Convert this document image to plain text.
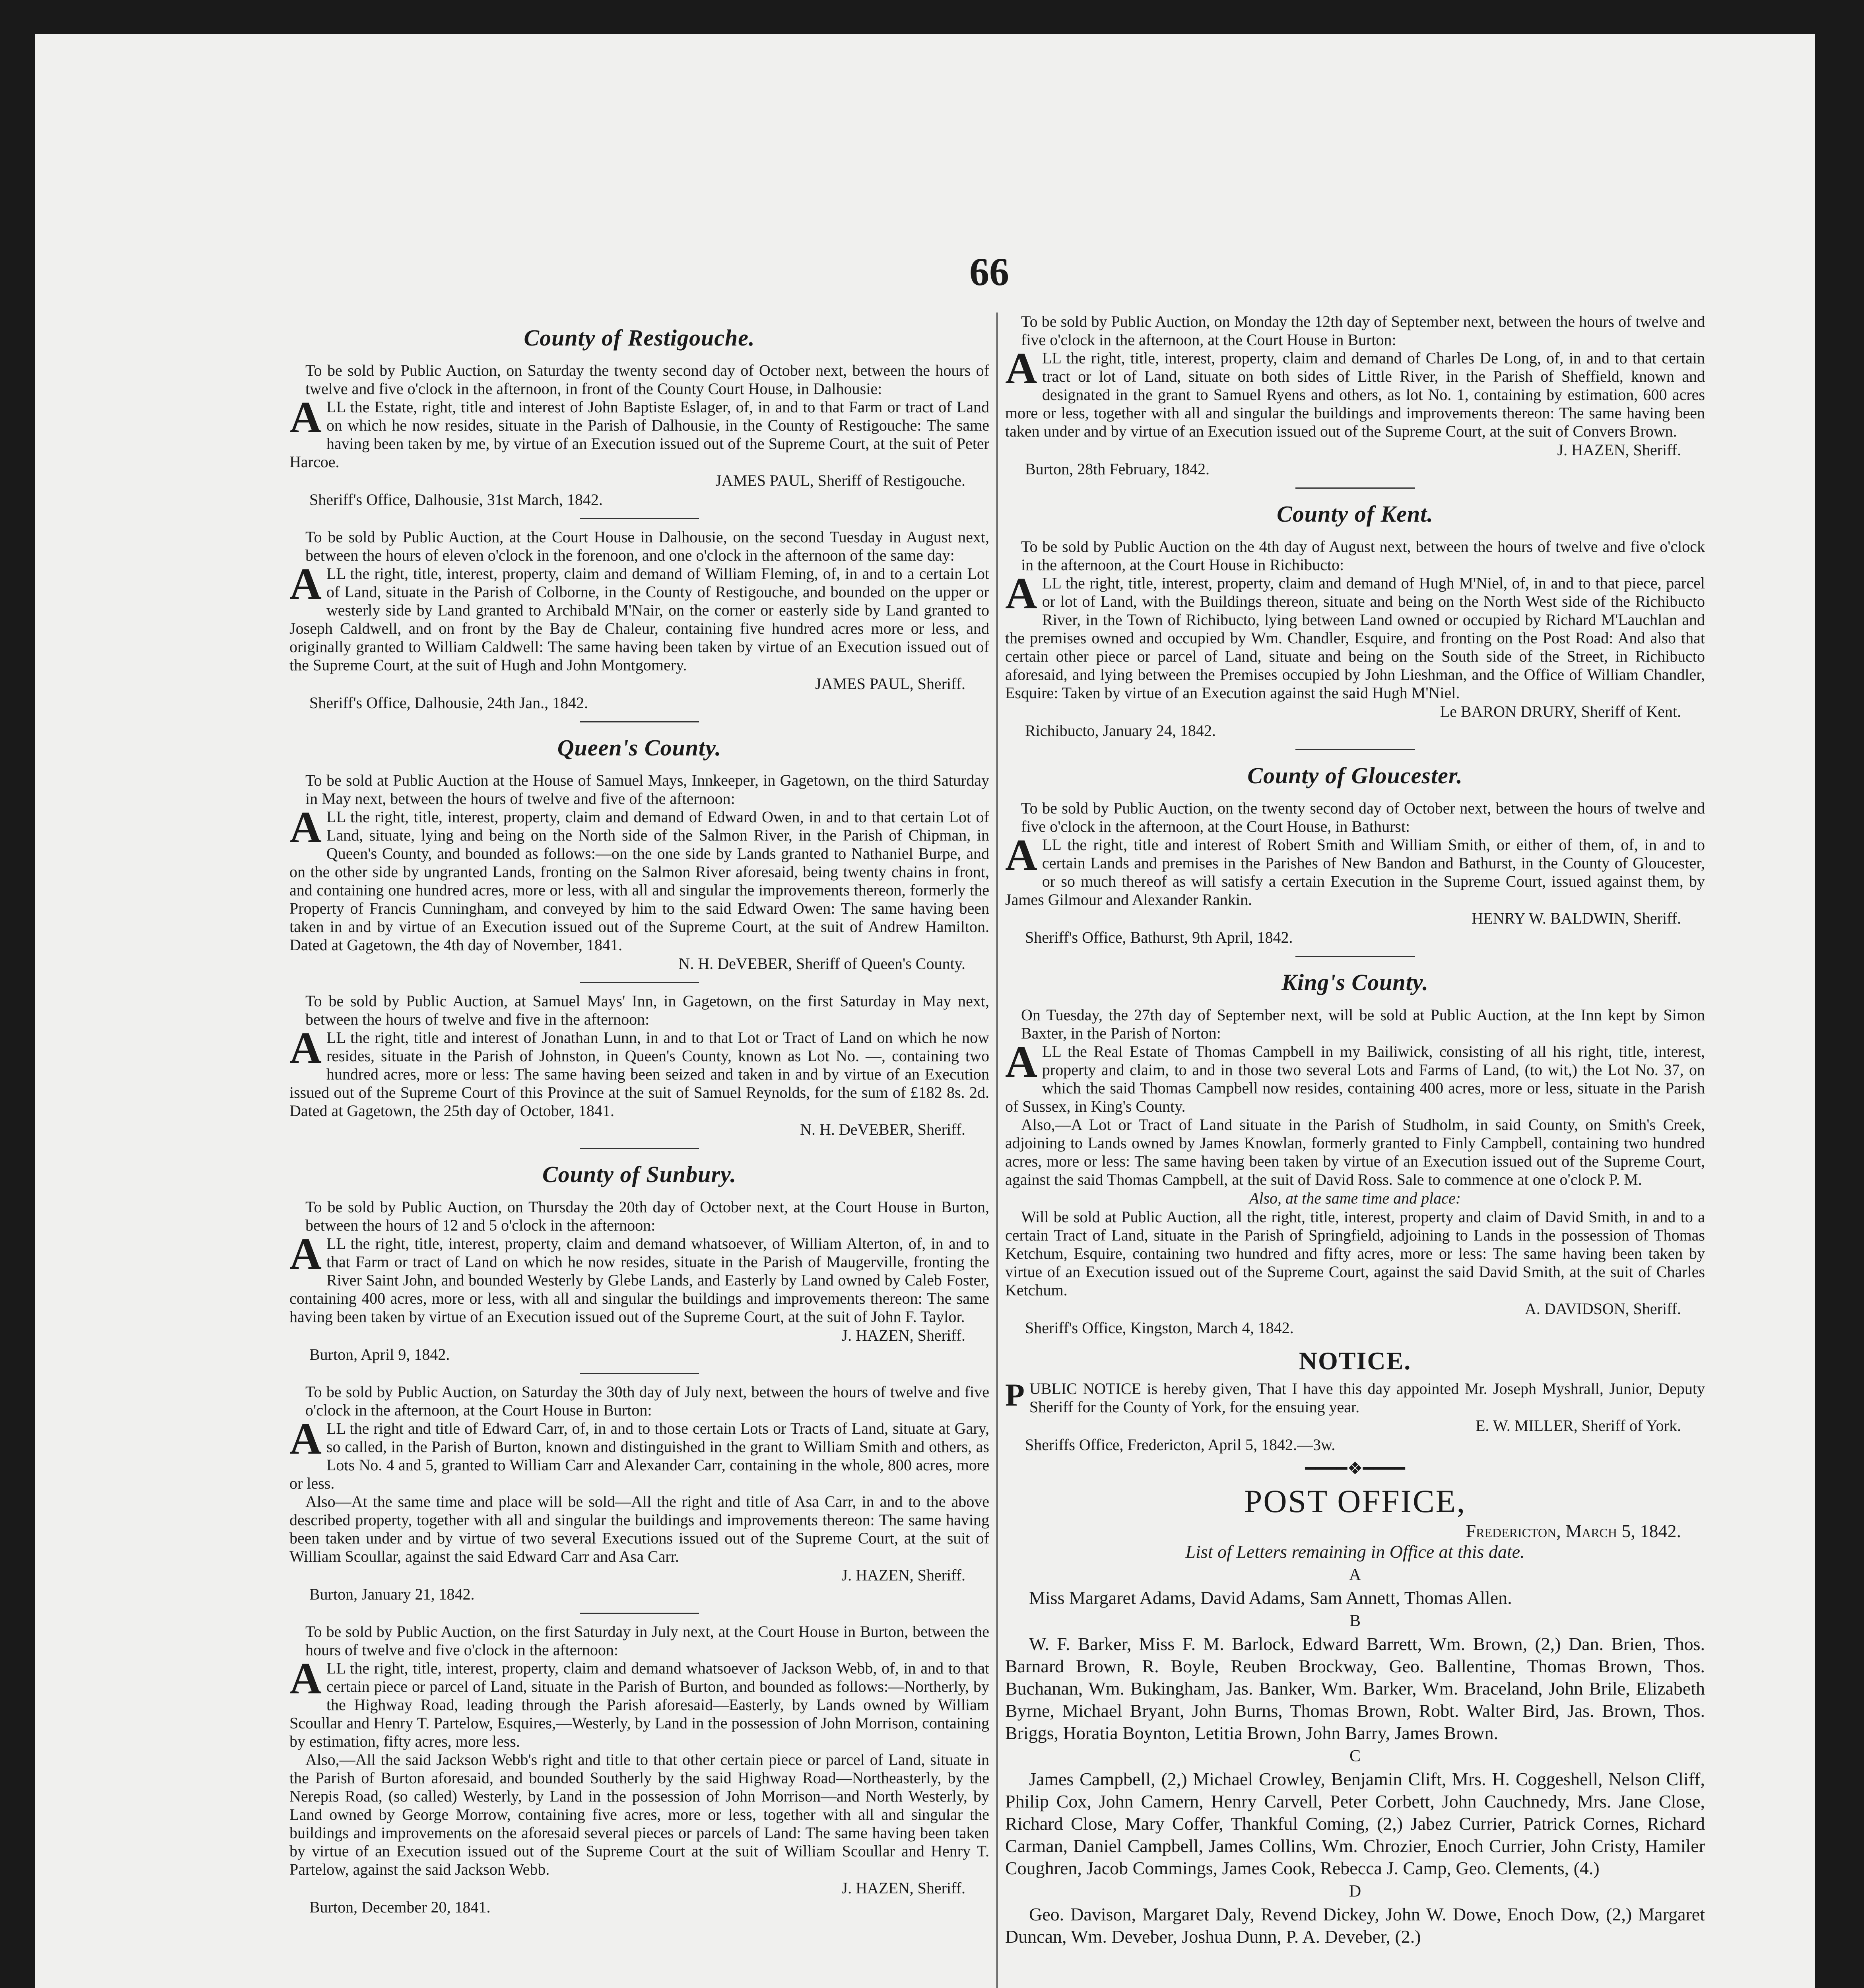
66
County of Restigouche.

To be sold by Public Auction, on Saturday the twenty second day of October next, between the hours of twelve and five o'clock in the afternoon, in front of the County Court House, in Dalhousie:

ALL the Estate, right, title and interest of John Baptiste Eslager, of, in and to that Farm or tract of Land on which he now resides, situate in the Parish of Dalhousie, in the County of Restigouche: The same having been taken by me, by virtue of an Execution issued out of the Supreme Court, at the suit of Peter Harcoe.

JAMES PAUL, Sheriff of Restigouche.
Sheriff's Office, Dalhousie, 31st March, 1842.

To be sold by Public Auction, at the Court House in Dalhousie, on the second Tuesday in August next, between the hours of eleven o'clock in the forenoon, and one o'clock in the afternoon of the same day:

ALL the right, title, interest, property, claim and demand of William Fleming, of, in and to a certain Lot of Land, situate in the Parish of Colborne, in the County of Restigouche, and bounded on the upper or westerly side by Land granted to Archibald M'Nair, on the corner or easterly side by Land granted to Joseph Caldwell, and on front by the Bay de Chaleur, containing five hundred acres more or less, and originally granted to William Caldwell: The same having been taken by virtue of an Execution issued out of the Supreme Court, at the suit of Hugh and John Montgomery.

JAMES PAUL, Sheriff.
Sheriff's Office, Dalhousie, 24th Jan., 1842.
Queen's County.

To be sold at Public Auction at the House of Samuel Mays, Innkeeper, in Gagetown, on the third Saturday in May next, between the hours of twelve and five of the afternoon:

ALL the right, title, interest, property, claim and demand of Edward Owen, in and to that certain Lot of Land, situate, lying and being on the North side of the Salmon River, in the Parish of Chipman, in Queen's County, and bounded as follows:—on the one side by Lands granted to Nathaniel Burpe, and on the other side by ungranted Lands, fronting on the Salmon River aforesaid, being twenty chains in front, and containing one hundred acres, more or less, with all and singular the improvements thereon, formerly the Property of Francis Cunningham, and conveyed by him to the said Edward Owen: The same having been taken in and by virtue of an Execution issued out of the Supreme Court, at the suit of Andrew Hamilton. Dated at Gagetown, the 4th day of November, 1841.

N. H. DeVEBER, Sheriff of Queen's County.

To be sold by Public Auction, at Samuel Mays' Inn, in Gagetown, on the first Saturday in May next, between the hours of twelve and five in the afternoon:

ALL the right, title and interest of Jonathan Lunn, in and to that Lot or Tract of Land on which he now resides, situate in the Parish of Johnston, in Queen's County, known as Lot No. —, containing two hundred acres, more or less: The same having been seized and taken in and by virtue of an Execution issued out of the Supreme Court of this Province at the suit of Samuel Reynolds, for the sum of £182 8s. 2d. Dated at Gagetown, the 25th day of October, 1841.

N. H. DeVEBER, Sheriff.
County of Sunbury.

To be sold by Public Auction, on Thursday the 20th day of October next, at the Court House in Burton, between the hours of 12 and 5 o'clock in the afternoon:

ALL the right, title, interest, property, claim and demand whatsoever, of William Alterton, of, in and to that Farm or tract of Land on which he now resides, situate in the Parish of Maugerville, fronting the River Saint John, and bounded Westerly by Glebe Lands, and Easterly by Land owned by Caleb Foster, containing 400 acres, more or less, with all and singular the buildings and improvements thereon: The same having been taken by virtue of an Execution issued out of the Supreme Court, at the suit of John F. Taylor.

J. HAZEN, Sheriff.
Burton, April 9, 1842.

To be sold by Public Auction, on Saturday the 30th day of July next, between the hours of twelve and five o'clock in the afternoon, at the Court House in Burton:

ALL the right and title of Edward Carr, of, in and to those certain Lots or Tracts of Land, situate at Gary, so called, in the Parish of Burton, known and distinguished in the grant to William Smith and others, as Lots No. 4 and 5, granted to William Carr and Alexander Carr, containing in the whole, 800 acres, more or less.

Also—At the same time and place will be sold—All the right and title of Asa Carr, in and to the above described property, together with all and singular the buildings and improvements thereon: The same having been taken under and by virtue of two several Executions issued out of the Supreme Court, at the suit of William Scoullar, against the said Edward Carr and Asa Carr.

J. HAZEN, Sheriff.
Burton, January 21, 1842.

To be sold by Public Auction, on the first Saturday in July next, at the Court House in Burton, between the hours of twelve and five o'clock in the afternoon:

ALL the right, title, interest, property, claim and demand whatsoever of Jackson Webb, of, in and to that certain piece or parcel of Land, situate in the Parish of Burton, and bounded as follows:—Northerly, by the Highway Road, leading through the Parish aforesaid—Easterly, by Lands owned by William Scoullar and Henry T. Partelow, Esquires,—Westerly, by Land in the possession of John Morrison, containing by estimation, fifty acres, more less.

Also,—All the said Jackson Webb's right and title to that other certain piece or parcel of Land, situate in the Parish of Burton aforesaid, and bounded Southerly by the said Highway Road—Northeasterly, by the Nerepis Road, (so called) Westerly, by Land in the possession of John Morrison—and North Westerly, by Land owned by George Morrow, containing five acres, more or less, together with all and singular the buildings and improvements on the aforesaid several pieces or parcels of Land: The same having been taken by virtue of an Execution issued out of the Supreme Court at the suit of William Scoullar and Henry T. Partelow, against the said Jackson Webb.

J. HAZEN, Sheriff.
Burton, December 20, 1841.

To be sold by Public Auction, on Monday the 12th day of September next, between the hours of twelve and five o'clock in the afternoon, at the Court House in Burton:

ALL the right, title, interest, property, claim and demand of Charles De Long, of, in and to that certain tract or lot of Land, situate on both sides of Little River, in the Parish of Sheffield, known and designated in the grant to Samuel Ryens and others, as lot No. 1, containing by estimation, 600 acres more or less, together with all and singular the buildings and improvements thereon: The same having been taken under and by virtue of an Execution issued out of the Supreme Court, at the suit of Convers Brown.

J. HAZEN, Sheriff.
Burton, 28th February, 1842.
County of Kent.

To be sold by Public Auction on the 4th day of August next, between the hours of twelve and five o'clock in the afternoon, at the Court House in Richibucto:

ALL the right, title, interest, property, claim and demand of Hugh M'Niel, of, in and to that piece, parcel or lot of Land, with the Buildings thereon, situate and being on the North West side of the Richibucto River, in the Town of Richibucto, lying between Land owned or occupied by Richard M'Lauchlan and the premises owned and occupied by Wm. Chandler, Esquire, and fronting on the Post Road: And also that certain other piece or parcel of Land, situate and being on the South side of the Street, in Richibucto aforesaid, and lying between the Premises occupied by John Lieshman, and the Office of William Chandler, Esquire: Taken by virtue of an Execution against the said Hugh M'Niel.

Le BARON DRURY, Sheriff of Kent.
Richibucto, January 24, 1842.
County of Gloucester.

To be sold by Public Auction, on the twenty second day of October next, between the hours of twelve and five o'clock in the afternoon, at the Court House, in Bathurst:

ALL the right, title and interest of Robert Smith and William Smith, or either of them, of, in and to certain Lands and premises in the Parishes of New Bandon and Bathurst, in the County of Gloucester, or so much thereof as will satisfy a certain Execution in the Supreme Court, issued against them, by James Gilmour and Alexander Rankin.

HENRY W. BALDWIN, Sheriff.
Sheriff's Office, Bathurst, 9th April, 1842.
King's County.

On Tuesday, the 27th day of September next, will be sold at Public Auction, at the Inn kept by Simon Baxter, in the Parish of Norton:

ALL the Real Estate of Thomas Campbell in my Bailiwick, consisting of all his right, title, interest, property and claim, to and in those two several Lots and Farms of Land, (to wit,) the Lot No. 37, on which the said Thomas Campbell now resides, containing 400 acres, more or less, situate in the Parish of Sussex, in King's County.

Also,—A Lot or Tract of Land situate in the Parish of Studholm, in said County, on Smith's Creek, adjoining to Lands owned by James Knowlan, formerly granted to Finly Campbell, containing two hundred acres, more or less: The same having been taken by virtue of an Execution issued out of the Supreme Court, against the said Thomas Campbell, at the suit of David Ross. Sale to commence at one o'clock P. M.

Also, at the same time and place:

Will be sold at Public Auction, all the right, title, interest, property and claim of David Smith, in and to a certain Tract of Land, situate in the Parish of Springfield, adjoining to Lands in the possession of Thomas Ketchum, Esquire, containing two hundred and fifty acres, more or less: The same having been taken by virtue of an Execution issued out of the Supreme Court, against the said David Smith, at the suit of Charles Ketchum.

A. DAVIDSON, Sheriff.
Sheriff's Office, Kingston, March 4, 1842.
NOTICE.

PUBLIC NOTICE is hereby given, That I have this day appointed Mr. Joseph Myshrall, Junior, Deputy Sheriff for the County of York, for the ensuing year.

E. W. MILLER, Sheriff of York.
Sheriffs Office, Fredericton, April 5, 1842.—3w.
━━━━❖━━━━
POST OFFICE,
Fredericton, March 5, 1842.
List of Letters remaining in Office at this date.
A

Miss Margaret Adams, David Adams, Sam Annett, Thomas Allen.

B

W. F. Barker, Miss F. M. Barlock, Edward Barrett, Wm. Brown, (2,) Dan. Brien, Thos. Barnard Brown, R. Boyle, Reuben Brockway, Geo. Ballentine, Thomas Brown, Thos. Buchanan, Wm. Bukingham, Jas. Banker, Wm. Barker, Wm. Braceland, John Brile, Elizabeth Byrne, Michael Bryant, John Burns, Thomas Brown, Robt. Walter Bird, Jas. Brown, Thos. Briggs, Horatia Boynton, Letitia Brown, John Barry, James Brown.

C

James Campbell, (2,) Michael Crowley, Benjamin Clift, Mrs. H. Coggeshell, Nelson Cliff, Philip Cox, John Camern, Henry Carvell, Peter Corbett, John Cauchnedy, Mrs. Jane Close, Richard Close, Mary Coffer, Thankful Coming, (2,) Jabez Currier, Patrick Cornes, Richard Carman, Daniel Campbell, James Collins, Wm. Chrozier, Enoch Currier, John Cristy, Hamiler Coughren, Jacob Commings, James Cook, Rebecca J. Camp, Geo. Clements, (4.)

D

Geo. Davison, Margaret Daly, Revend Dickey, John W. Dowe, Enoch Dow, (2,) Margaret Duncan, Wm. Deveber, Joshua Dunn, P. A. Deveber, (2.)
